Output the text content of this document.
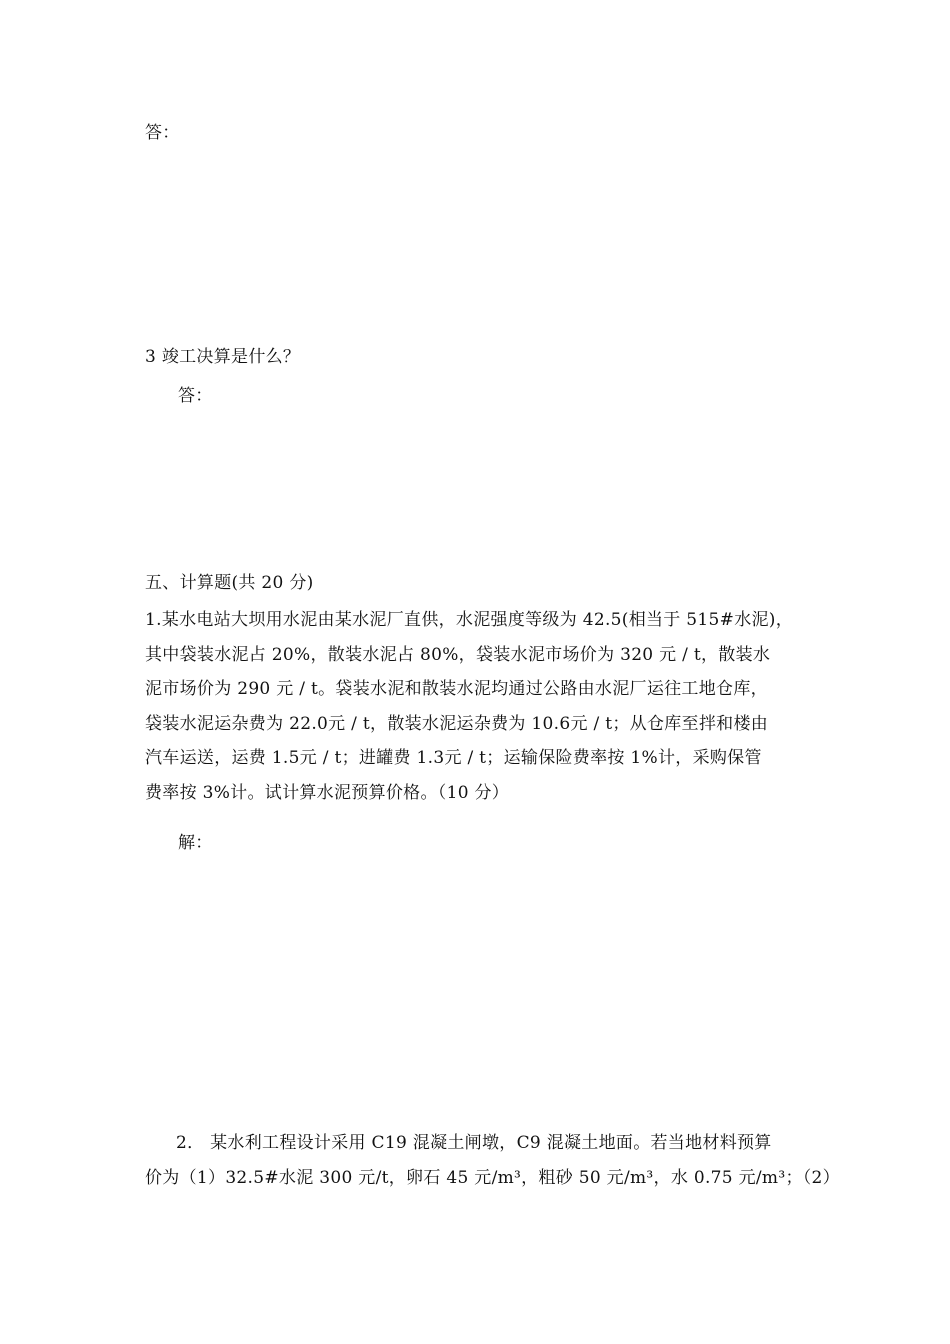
答：
3 竣工决算是什么？
答：
五、计算题(共 20 分)
1.某水电站大坝用水泥由某水泥厂直供，水泥强度等级为 42.5(相当于 515#水泥)，
其中袋装水泥占 20%，散装水泥占 80%，袋装水泥市场价为 320 元 / t，散装水
泥市场价为 290 元 / t。袋装水泥和散装水泥均通过公路由水泥厂运往工地仓库，
袋装水泥运杂费为 22.0元 / t，散装水泥运杂费为 10.6元 / t；从仓库至拌和楼由
汽车运送，运费 1.5元 / t；进罐费 1.3元 / t；运输保险费率按 1%计，采购保管
费率按 3%计。试计算水泥预算价格。（10 分）
解：
2． 某水利工程设计采用 C19 混凝土闸墩，C9 混凝土地面。若当地材料预算
价为（1）32.5#水泥 300 元/t，卵石 45 元/m³，粗砂 50 元/m³，水 0.75 元/m³；（2）
